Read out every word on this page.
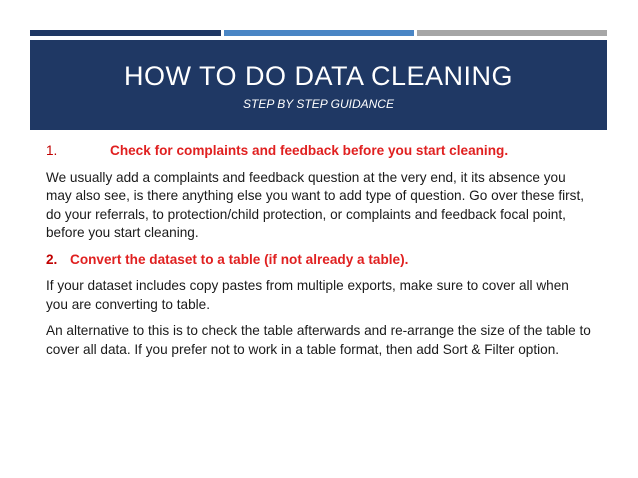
HOW TO DO DATA CLEANING
STEP BY STEP GUIDANCE
1.	Check for complaints and feedback before you start cleaning.

We usually add a complaints and feedback question at the very end, it its absence you may also see, is there anything else you want to add type of question. Go over these first, do your referrals, to protection/child protection, or complaints and feedback focal point, before you start cleaning.

2. Convert the dataset to a table (if not already a table).

If your dataset includes copy pastes from multiple exports, make sure to cover all when you are converting to table.

An alternative to this is to check the table afterwards and re-arrange the size of the table to cover all data. If you prefer not to work in a table format, then add Sort & Filter option.
